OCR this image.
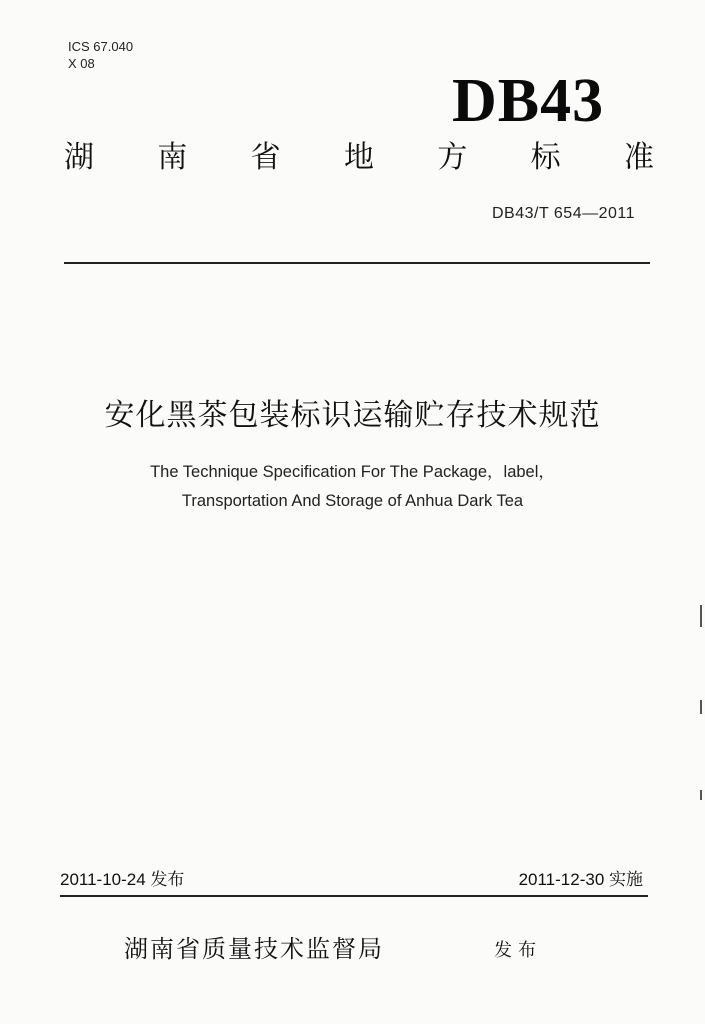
ICS 67.040
X 08
DB43
湖 南 省 地 方 标 准
DB43/T 654—2011
安化黑茶包装标识运输贮存技术规范
The Technique Specification For The Package，label，
Transportation And Storage of Anhua Dark Tea
2011-10-24 发布	2011-12-30 实施
湖南省质量技术监督局	发布
